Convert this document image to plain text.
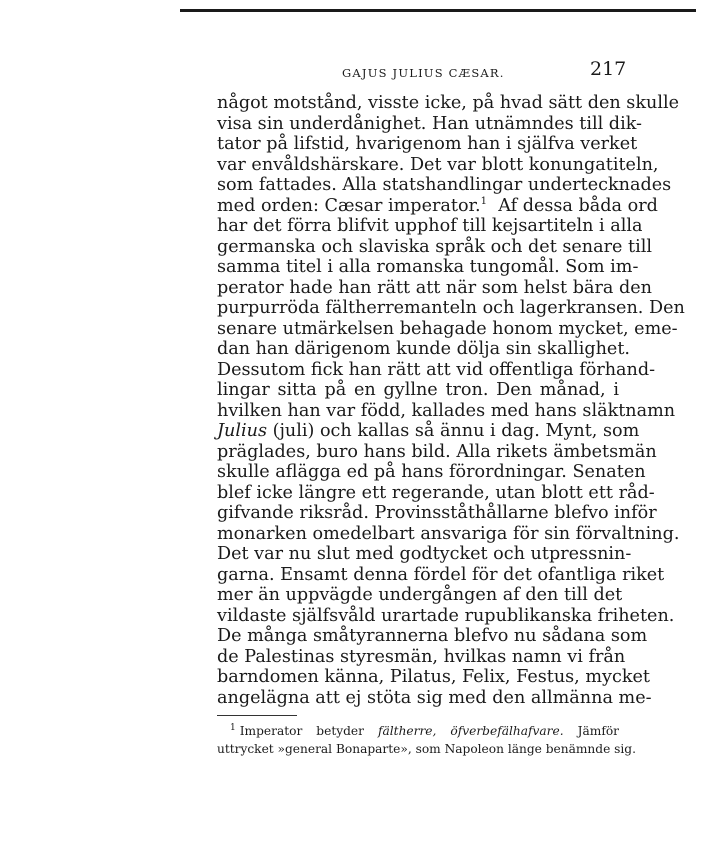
GAJUS JULIUS CÆSAR.	217
något motstånd, visste icke, på hvad sätt den skulle
visa sin underdånighet. Han utnämndes till dik-
tator på lifstid, hvarigenom han i själfva verket
var envåldshärskare. Det var blott konungatiteln,
som fattades. Alla statshandlingar undertecknades
med orden: Cæsar imperator.$^1$ Af dessa båda ord
har det förra blifvit upphof till kejsartiteln i alla
germanska och slaviska språk och det senare till
samma titel i alla romanska tungomål. Som im-
perator hade han rätt att när som helst bära den
purpurröda fältherremanteln och lagerkransen. Den
senare utmärkelsen behagade honom mycket, eme-
dan han därigenom kunde dölja sin skallighet.
Dessutom fick han rätt att vid offentliga förhand-
lingar sitta på en gyllne tron. Den månad, i
hvilken han var född, kallades med hans släktnamn
Julius (juli) och kallas så ännu i dag. Mynt, som
präglades, buro hans bild. Alla rikets ämbetsmän
skulle aflägga ed på hans förordningar. Senaten
blef icke längre ett regerande, utan blott ett råd-
gifvande riksråd. Provinsståthållarne blefvo inför
monarken omedelbart ansvariga för sin förvaltning.
Det var nu slut med godtycket och utpressnin-
garna. Ensamt denna fördel för det ofantliga riket
mer än uppvägde undergången af den till det
vildaste själfsvåld urartade rupublikanska friheten.
De många småtyrannerna blefvo nu sådana som
de Palestinas styresmän, hvilkas namn vi från
barndomen känna, Pilatus, Felix, Festus, mycket
angelägna att ej stöta sig med den allmänna me-
$^1$ Imperator betyder fältherre, öfverbefälhafvare. Jämför
uttrycket »general Bonaparte», som Napoleon länge benämnde sig.
